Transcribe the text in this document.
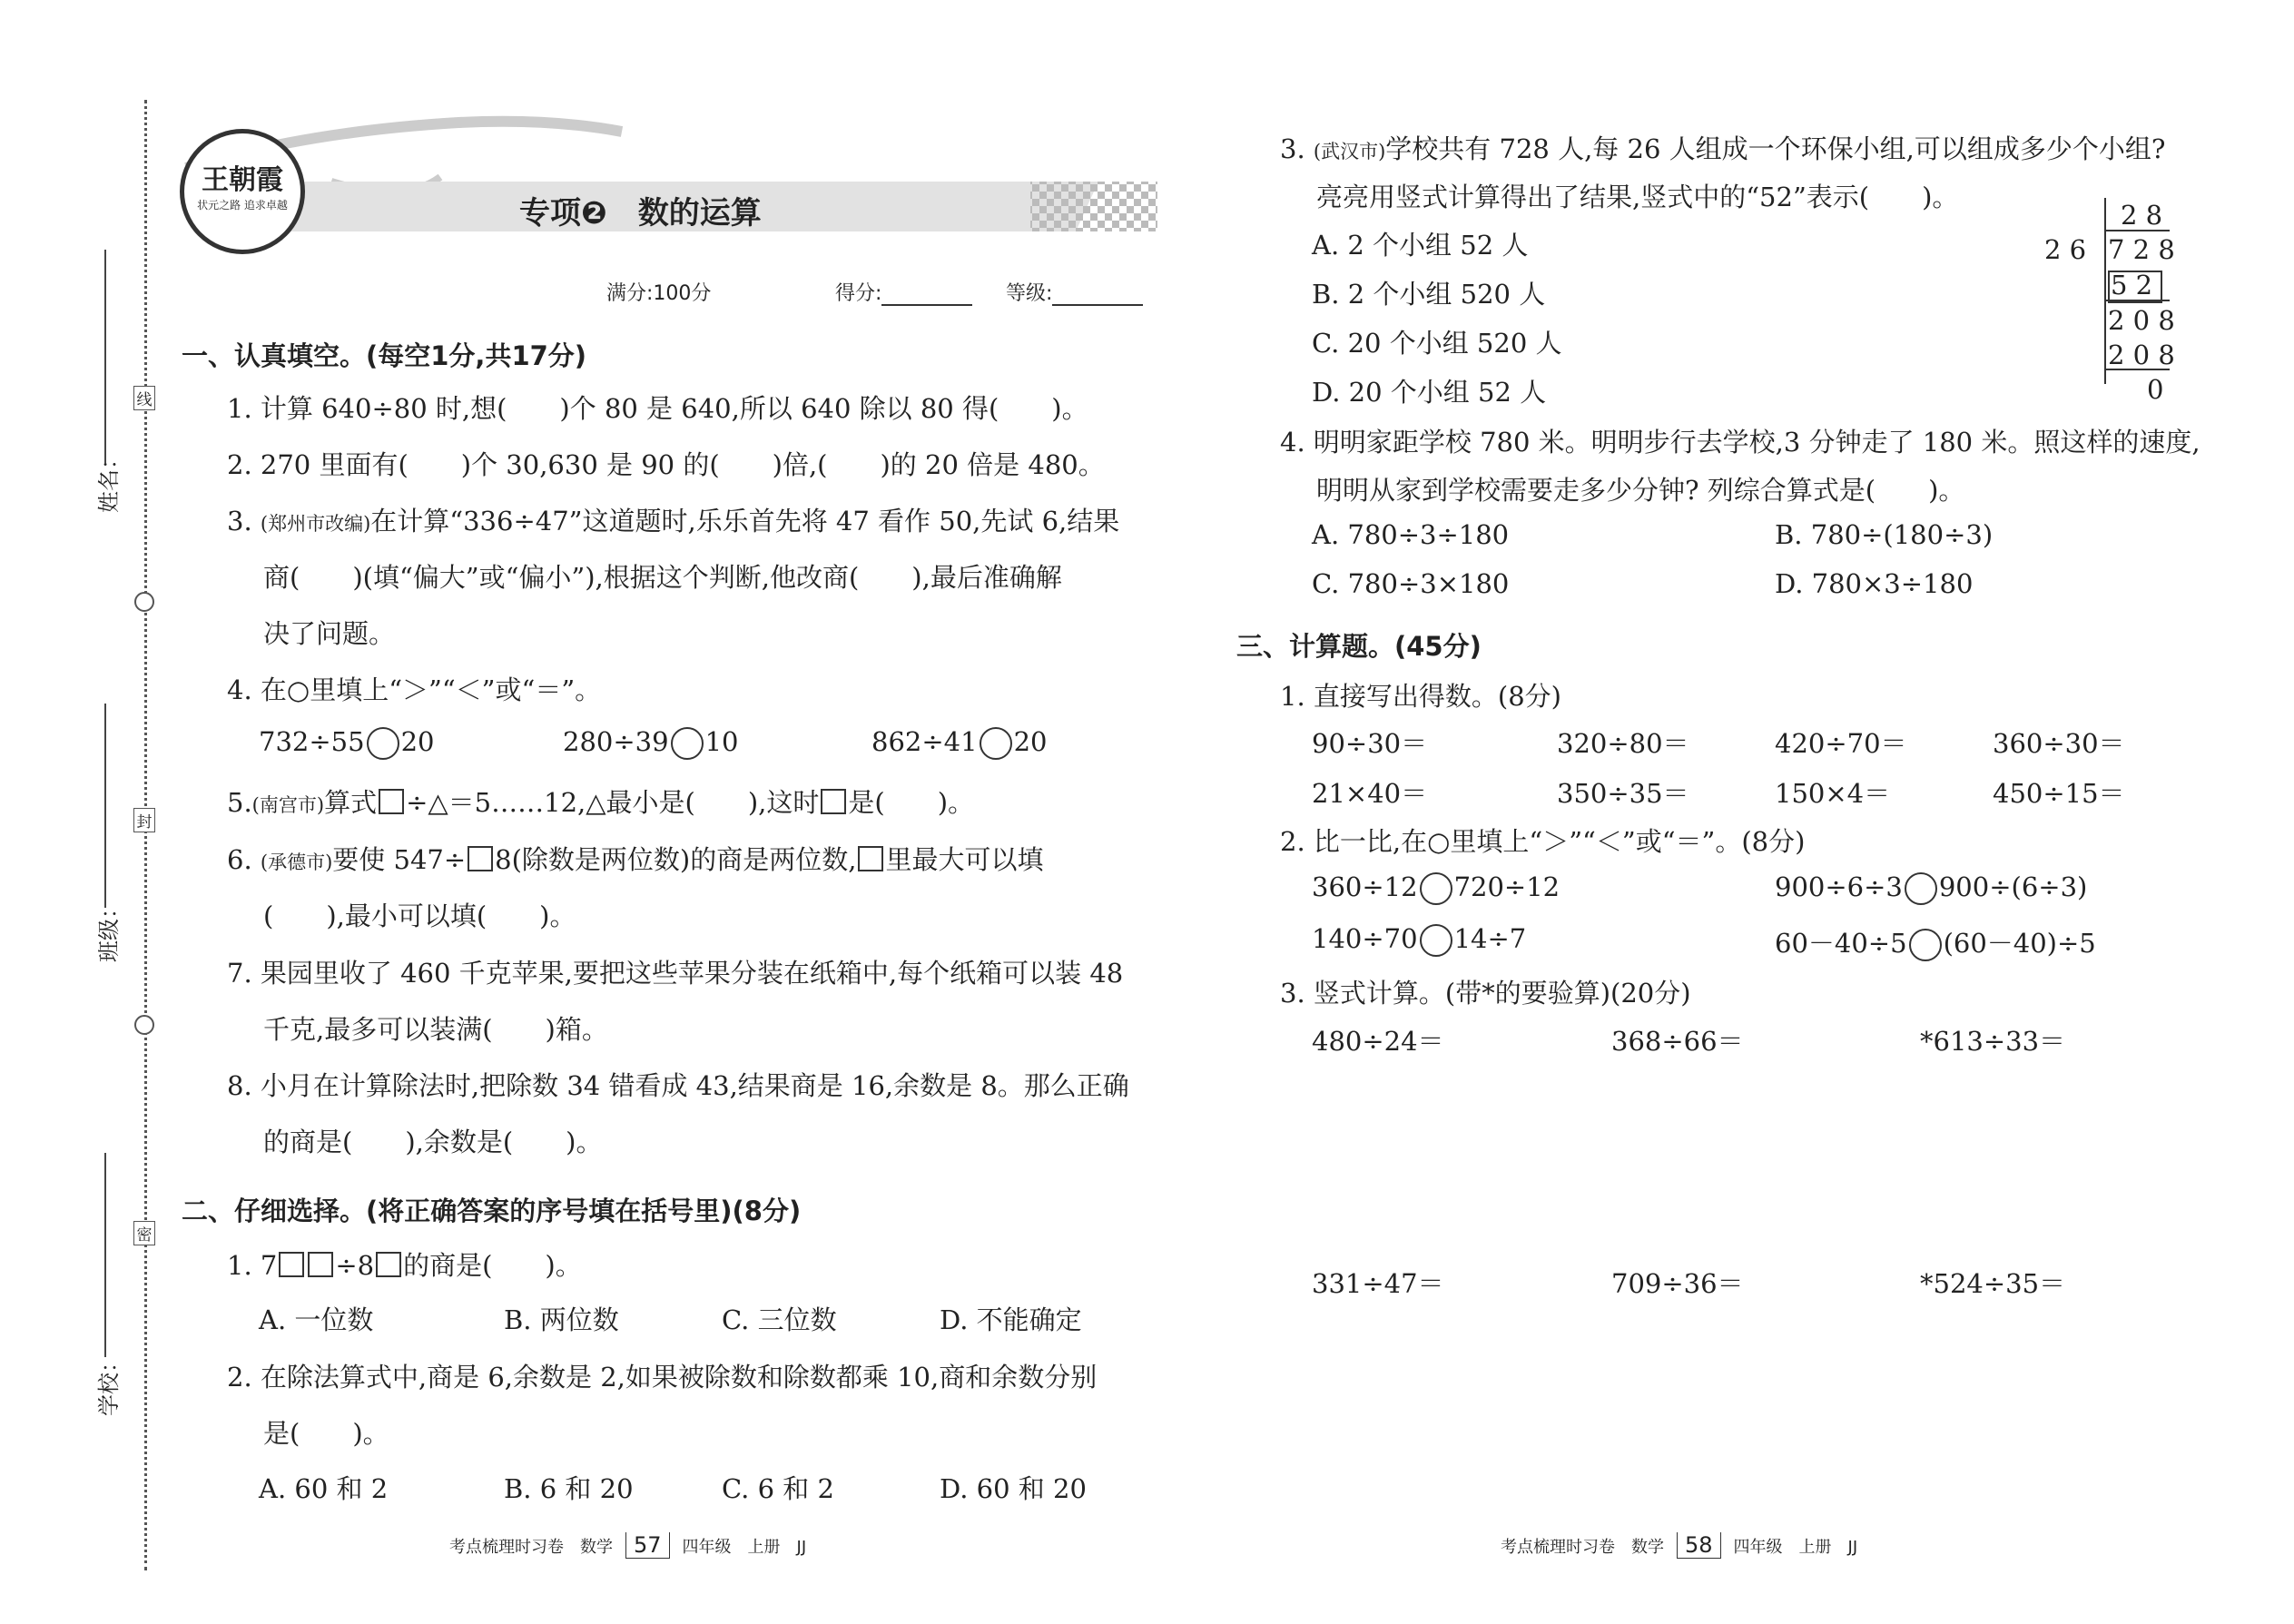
姓名：
班级：
学校：
线
封
密
王朝霞
状元之路 追求卓越	专项❷　数的运算
满分:100分	得分:	等级:
一、认真填空。(每空1分,共17分)
1. 计算 640÷80 时,想(　　)个 80 是 640,所以 640 除以 80 得(　　)。
2. 270 里面有(　　)个 30,630 是 90 的(　　)倍,(　　)的 20 倍是 480。
3. (郑州市改编)在计算“336÷47”这道题时,乐乐首先将 47 看作 50,先试 6,结果
商(　　)(填“偏大”或“偏小”),根据这个判断,他改商(　　),最后准确解
决了问题。
4. 在○里填上“＞”“＜”或“＝”。
732÷55 20	280÷39 10	862÷41 20
5.(南宫市)算式 ÷△＝5……12,△最小是(　　),这时 是(　　)。
6. (承德市)要使 547÷ 8(除数是两位数)的商是两位数, 里最大可以填
(　　),最小可以填(　　)。
7. 果园里收了 460 千克苹果,要把这些苹果分装在纸箱中,每个纸箱可以装 48
千克,最多可以装满(　　)箱。
8. 小月在计算除法时,把除数 34 错看成 43,结果商是 16,余数是 8。那么正确
的商是(　　),余数是(　　)。
二、仔细选择。(将正确答案的序号填在括号里)(8分)
1. 7 ÷8 的商是(　　)。
A. 一位数	B. 两位数	C. 三位数	D. 不能确定
2. 在除法算式中,商是 6,余数是 2,如果被除数和除数都乘 10,商和余数分别
是(　　)。
A. 60 和 2	B. 6 和 20	C. 6 和 2	D. 60 和 20
3. (武汉市)学校共有 728 人,每 26 人组成一个环保小组,可以组成多少个小组?
亮亮用竖式计算得出了结果,竖式中的“52”表示(　　)。
A. 2 个小组 52 人
B. 2 个小组 520 人
C. 20 个小组 520 人
D. 20 个小组 52 人
2 8
2 6 7 2 8
5 2
2 0 8
2 0 8
0
4. 明明家距学校 780 米。明明步行去学校,3 分钟走了 180 米。照这样的速度,
明明从家到学校需要走多少分钟? 列综合算式是(　　)。
A. 780÷3÷180	B. 780÷(180÷3)
C. 780÷3×180	D. 780×3÷180
三、计算题。(45分)
1. 直接写出得数。(8分)
90÷30＝	320÷80＝	420÷70＝	360÷30＝
21×40＝	350÷35＝	150×4＝	450÷15＝
2. 比一比,在○里填上“＞”“＜”或“＝”。(8分)
360÷12 720÷12	900÷6÷3 900÷(6÷3)
140÷70 14÷7	60－40÷5 (60－40)÷5
3. 竖式计算。(带*的要验算)(20分)
480÷24＝	368÷66＝	*613÷33＝
331÷47＝	709÷36＝	*524÷35＝
考点梳理时习卷　数学 57 四年级　上册　JJ	考点梳理时习卷　数学 58 四年级　上册　JJ
